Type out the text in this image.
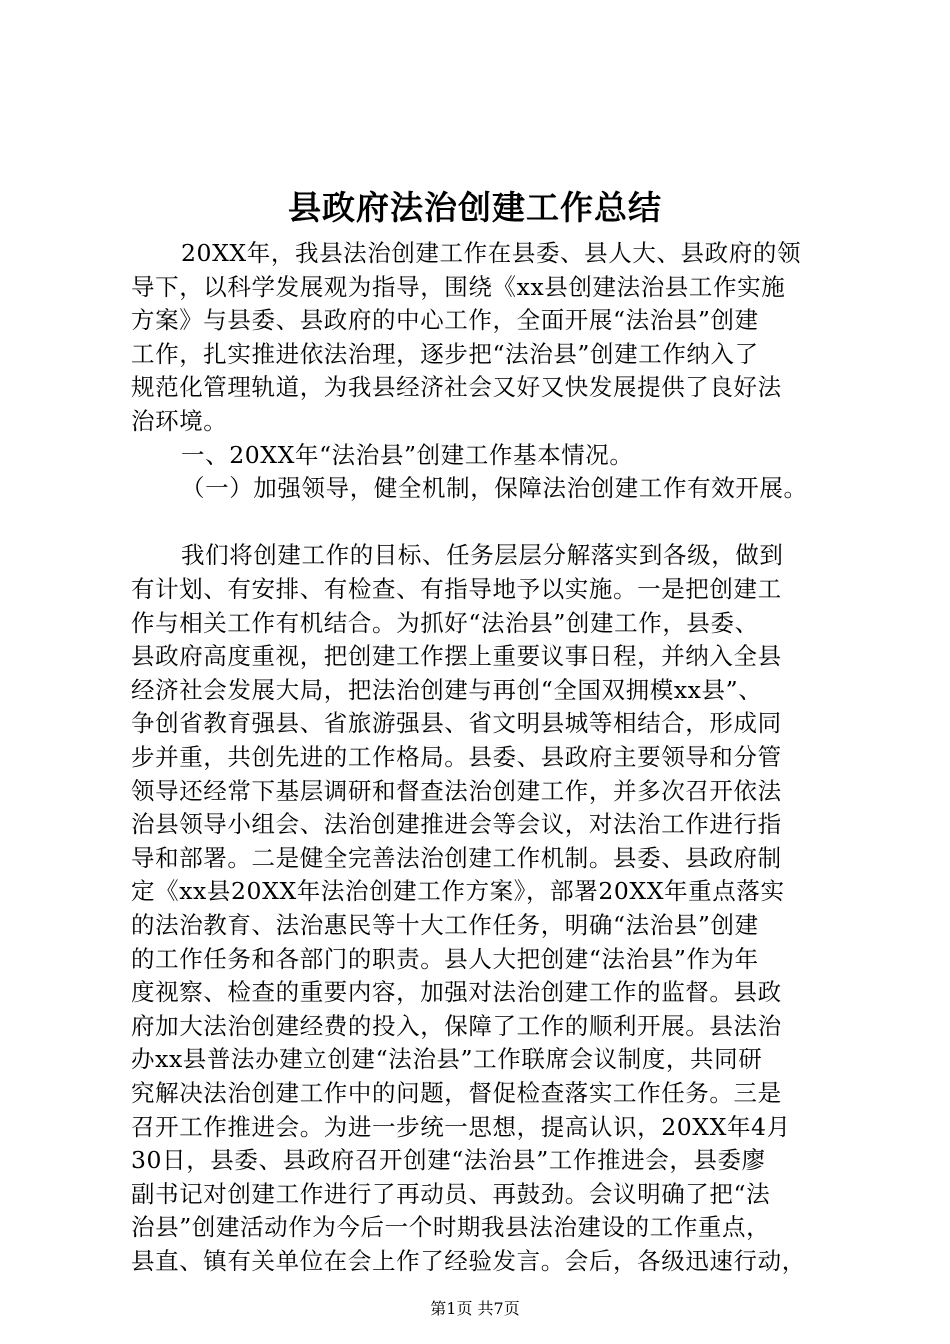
县政府法治创建工作总结
20XX年，我县法治创建工作在县委、县人大、县政府的领
导下，以科学发展观为指导，围绕《xx县创建法治县工作实施
方案》与县委、县政府的中心工作，全面开展“法治县”创建
工作，扎实推进依法治理，逐步把“法治县”创建工作纳入了
规范化管理轨道，为我县经济社会又好又快发展提供了良好法
治环境。
一、20XX年“法治县”创建工作基本情况。
（一）加强领导，健全机制，保障法治创建工作有效开展。
我们将创建工作的目标、任务层层分解落实到各级，做到
有计划、有安排、有检查、有指导地予以实施。一是把创建工
作与相关工作有机结合。为抓好“法治县”创建工作，县委、
县政府高度重视，把创建工作摆上重要议事日程，并纳入全县
经济社会发展大局，把法治创建与再创“全国双拥模xx县”、
争创省教育强县、省旅游强县、省文明县城等相结合，形成同
步并重，共创先进的工作格局。县委、县政府主要领导和分管
领导还经常下基层调研和督查法治创建工作，并多次召开依法
治县领导小组会、法治创建推进会等会议，对法治工作进行指
导和部署。二是健全完善法治创建工作机制。县委、县政府制
定《xx县20XX年法治创建工作方案》，部署20XX年重点落实
的法治教育、法治惠民等十大工作任务，明确“法治县”创建
的工作任务和各部门的职责。县人大把创建“法治县”作为年
度视察、检查的重要内容，加强对法治创建工作的监督。县政
府加大法治创建经费的投入，保障了工作的顺利开展。县法治
办xx县普法办建立创建“法治县”工作联席会议制度，共同研
究解决法治创建工作中的问题，督促检查落实工作任务。三是
召开工作推进会。为进一步统一思想，提高认识，20XX年4月
30日，县委、县政府召开创建“法治县”工作推进会，县委廖
副书记对创建工作进行了再动员、再鼓劲。会议明确了把“法
治县”创建活动作为今后一个时期我县法治建设的工作重点，
县直、镇有关单位在会上作了经验发言。会后，各级迅速行动，
第1页 共7页
